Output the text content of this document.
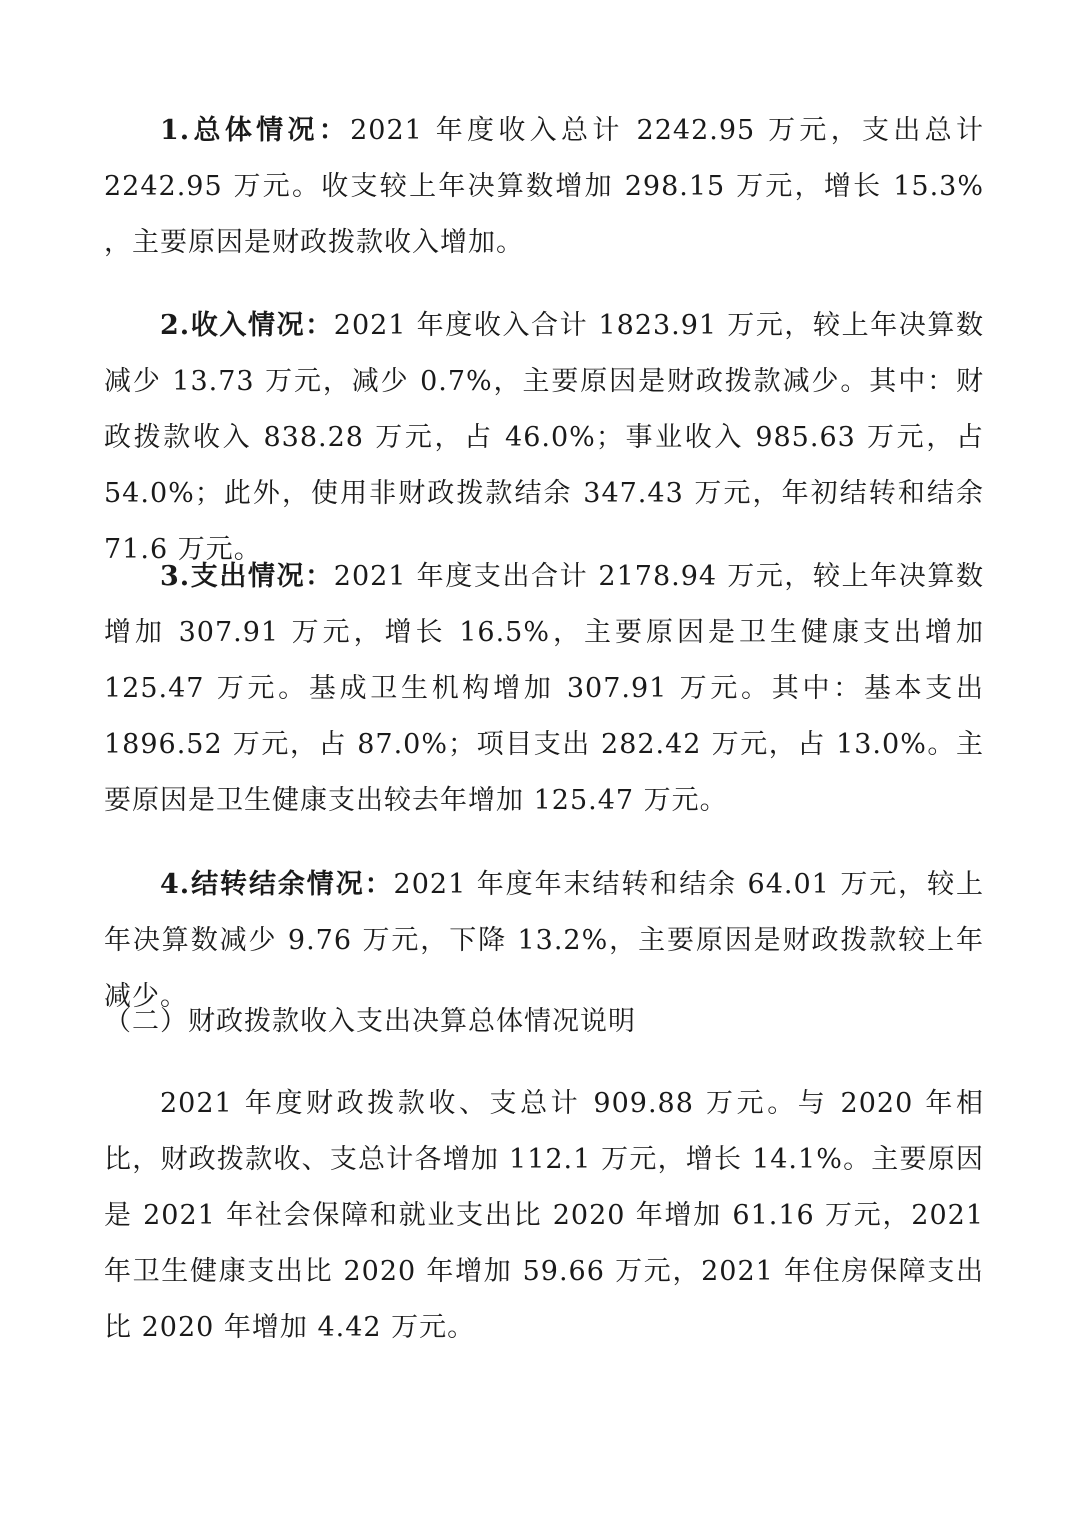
1.总体情况：2021 年度收入总计 2242.95 万元，支出总计 2242.95 万元。收支较上年决算数增加 298.15 万元，增长 15.3% ，主要原因是财政拨款收入增加。

2.收入情况：2021 年度收入合计 1823.91 万元，较上年决算数减少 13.73 万元，减少 0.7%，主要原因是财政拨款减少。其中：财政拨款收入 838.28 万元，占 46.0%；事业收入 985.63 万元，占 54.0%；此外，使用非财政拨款结余 347.43 万元，年初结转和结余 71.6 万元。

3.支出情况：2021 年度支出合计 2178.94 万元，较上年决算数增加 307.91 万元，增长 16.5%，主要原因是卫生健康支出增加 125.47 万元。基成卫生机构增加 307.91 万元。其中：基本支出 1896.52 万元，占 87.0%；项目支出 282.42 万元，占 13.0%。主要原因是卫生健康支出较去年增加 125.47 万元。

4.结转结余情况：2021 年度年末结转和结余 64.01 万元，较上年决算数减少 9.76 万元，下降 13.2%，主要原因是财政拨款较上年减少。

（二）财政拨款收入支出决算总体情况说明

2021 年度财政拨款收、支总计 909.88 万元。与 2020 年相比，财政拨款收、支总计各增加 112.1 万元，增长 14.1%。主要原因是 2021 年社会保障和就业支出比 2020 年增加 61.16 万元，2021 年卫生健康支出比 2020 年增加 59.66 万元，2021 年住房保障支出比 2020 年增加 4.42 万元。
